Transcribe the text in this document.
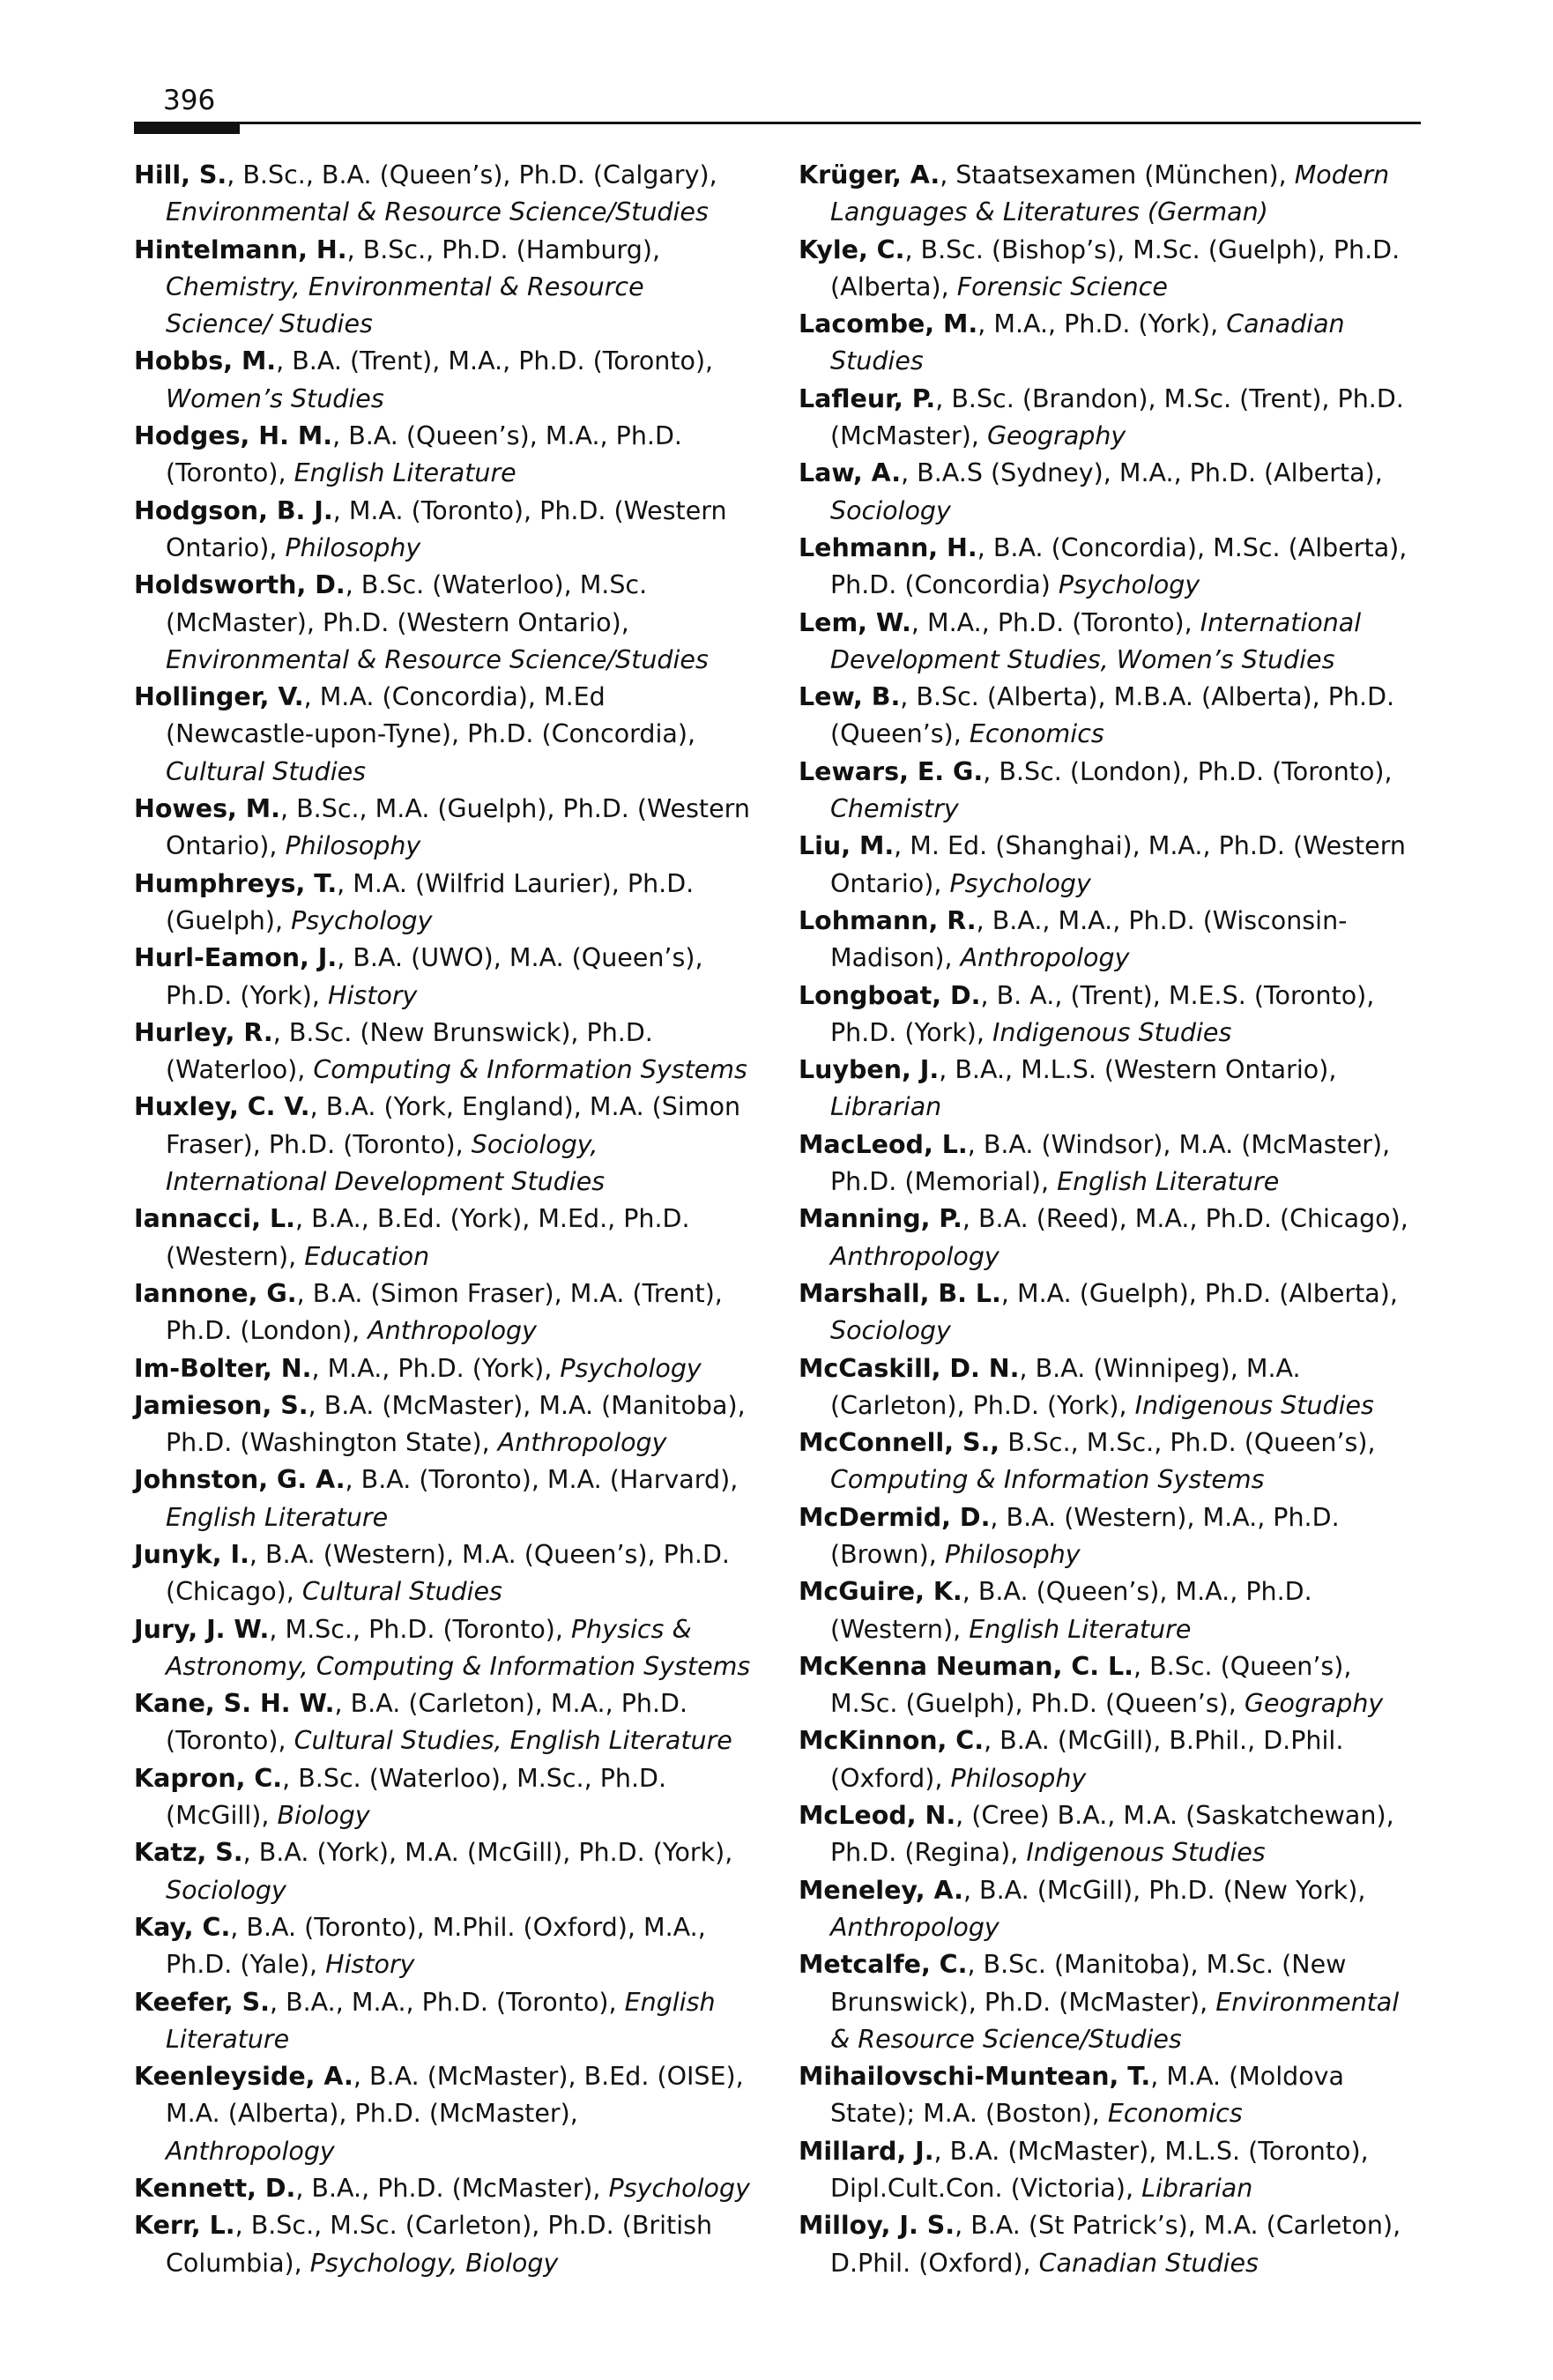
396
Hill, S., B.Sc., B.A. (Queen’s), Ph.D. (Calgary), Environmental & Resource Science/Studies
Hintelmann, H., B.Sc., Ph.D. (Hamburg), Chemistry, Environmental & Resource Science/ Studies
Hobbs, M., B.A. (Trent), M.A., Ph.D. (Toronto), Women’s Studies
Hodges, H. M., B.A. (Queen’s), M.A., Ph.D. (Toronto), English Literature
Hodgson, B. J., M.A. (Toronto), Ph.D. (Western Ontario), Philosophy
Holdsworth, D., B.Sc. (Waterloo), M.Sc. (McMaster), Ph.D. (Western Ontario), Environmental & Resource Science/Studies
Hollinger, V., M.A. (Concordia), M.Ed (Newcastle-upon-Tyne), Ph.D. (Concordia), Cultural Studies
Howes, M., B.Sc., M.A. (Guelph), Ph.D. (Western Ontario), Philosophy
Humphreys, T., M.A. (Wilfrid Laurier), Ph.D. (Guelph), Psychology
Hurl-Eamon, J., B.A. (UWO), M.A. (Queen’s), Ph.D. (York), History
Hurley, R., B.Sc. (New Brunswick), Ph.D. (Waterloo), Computing & Information Systems
Huxley, C. V., B.A. (York, England), M.A. (Simon Fraser), Ph.D. (Toronto), Sociology, International Development Studies
Iannacci, L., B.A., B.Ed. (York), M.Ed., Ph.D. (Western), Education
Iannone, G., B.A. (Simon Fraser), M.A. (Trent), Ph.D. (London), Anthropology
Im-Bolter, N., M.A., Ph.D. (York), Psychology
Jamieson, S., B.A. (McMaster), M.A. (Manitoba), Ph.D. (Washington State), Anthropology
Johnston, G. A., B.A. (Toronto), M.A. (Harvard), English Literature
Junyk, I., B.A. (Western), M.A. (Queen’s), Ph.D. (Chicago), Cultural Studies
Jury, J. W., M.Sc., Ph.D. (Toronto), Physics & Astronomy, Computing & Information Systems
Kane, S. H. W., B.A. (Carleton), M.A., Ph.D. (Toronto), Cultural Studies, English Literature
Kapron, C., B.Sc. (Waterloo), M.Sc., Ph.D. (McGill), Biology
Katz, S., B.A. (York), M.A. (McGill), Ph.D. (York), Sociology
Kay, C., B.A. (Toronto), M.Phil. (Oxford), M.A., Ph.D. (Yale), History
Keefer, S., B.A., M.A., Ph.D. (Toronto), English Literature
Keenleyside, A., B.A. (McMaster), B.Ed. (OISE), M.A. (Alberta), Ph.D. (McMaster), Anthropology
Kennett, D., B.A., Ph.D. (McMaster), Psychology
Kerr, L., B.Sc., M.Sc. (Carleton), Ph.D. (British Columbia), Psychology, Biology
Krüger, A., Staatsexamen (München), Modern Languages & Literatures (German)
Kyle, C., B.Sc. (Bishop’s), M.Sc. (Guelph), Ph.D. (Alberta), Forensic Science
Lacombe, M., M.A., Ph.D. (York), Canadian Studies
Lafleur, P., B.Sc. (Brandon), M.Sc. (Trent), Ph.D. (McMaster), Geography
Law, A., B.A.S (Sydney), M.A., Ph.D. (Alberta), Sociology
Lehmann, H., B.A. (Concordia), M.Sc. (Alberta), Ph.D. (Concordia) Psychology
Lem, W., M.A., Ph.D. (Toronto), International Development Studies, Women’s Studies
Lew, B., B.Sc. (Alberta), M.B.A. (Alberta), Ph.D. (Queen’s), Economics
Lewars, E. G., B.Sc. (London), Ph.D. (Toronto), Chemistry
Liu, M., M. Ed. (Shanghai), M.A., Ph.D. (Western Ontario), Psychology
Lohmann, R., B.A., M.A., Ph.D. (Wisconsin-Madison), Anthropology
Longboat, D., B. A., (Trent), M.E.S. (Toronto), Ph.D. (York), Indigenous Studies
Luyben, J., B.A., M.L.S. (Western Ontario), Librarian
MacLeod, L., B.A. (Windsor), M.A. (McMaster), Ph.D. (Memorial), English Literature
Manning, P., B.A. (Reed), M.A., Ph.D. (Chicago), Anthropology
Marshall, B. L., M.A. (Guelph), Ph.D. (Alberta), Sociology
McCaskill, D. N., B.A. (Winnipeg), M.A. (Carleton), Ph.D. (York), Indigenous Studies
McConnell, S., B.Sc., M.Sc., Ph.D. (Queen’s), Computing & Information Systems
McDermid, D., B.A. (Western), M.A., Ph.D. (Brown), Philosophy
McGuire, K., B.A. (Queen’s), M.A., Ph.D. (Western), English Literature
McKenna Neuman, C. L., B.Sc. (Queen’s), M.Sc. (Guelph), Ph.D. (Queen’s), Geography
McKinnon, C., B.A. (McGill), B.Phil., D.Phil. (Oxford), Philosophy
McLeod, N., (Cree) B.A., M.A. (Saskatchewan), Ph.D. (Regina), Indigenous Studies
Meneley, A., B.A. (McGill), Ph.D. (New York), Anthropology
Metcalfe, C., B.Sc. (Manitoba), M.Sc. (New Brunswick), Ph.D. (McMaster), Environmental & Resource Science/Studies
Mihailovschi-Muntean, T., M.A. (Moldova State); M.A. (Boston), Economics
Millard, J., B.A. (McMaster), M.L.S. (Toronto), Dipl.Cult.Con. (Victoria), Librarian
Milloy, J. S., B.A. (St Patrick’s), M.A. (Carleton), D.Phil. (Oxford), Canadian Studies
